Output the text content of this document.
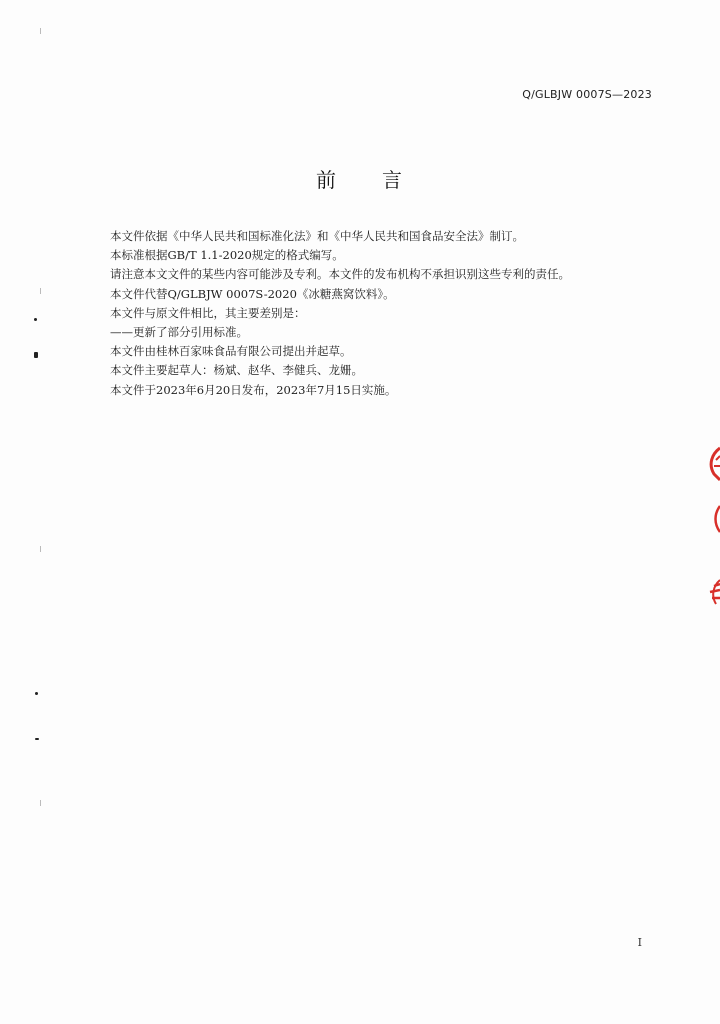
Q/GLBJW 0007S—2023
前 言
本文件依据《中华人民共和国标准化法》和《中华人民共和国食品安全法》制订。
本标准根据GB/T 1.1-2020规定的格式编写。
请注意本文文件的某些内容可能涉及专利。本文件的发布机构不承担识别这些专利的责任。
本文件代替Q/GLBJW 0007S-2020《冰糖燕窝饮料》。
本文件与原文件相比，其主要差别是：
——更新了部分引用标准。
本文件由桂林百家味食品有限公司提出并起草。
本文件主要起草人：杨斌、赵华、李健兵、龙姗。
本文件于2023年6月20日发布，2023年7月15日实施。
I
